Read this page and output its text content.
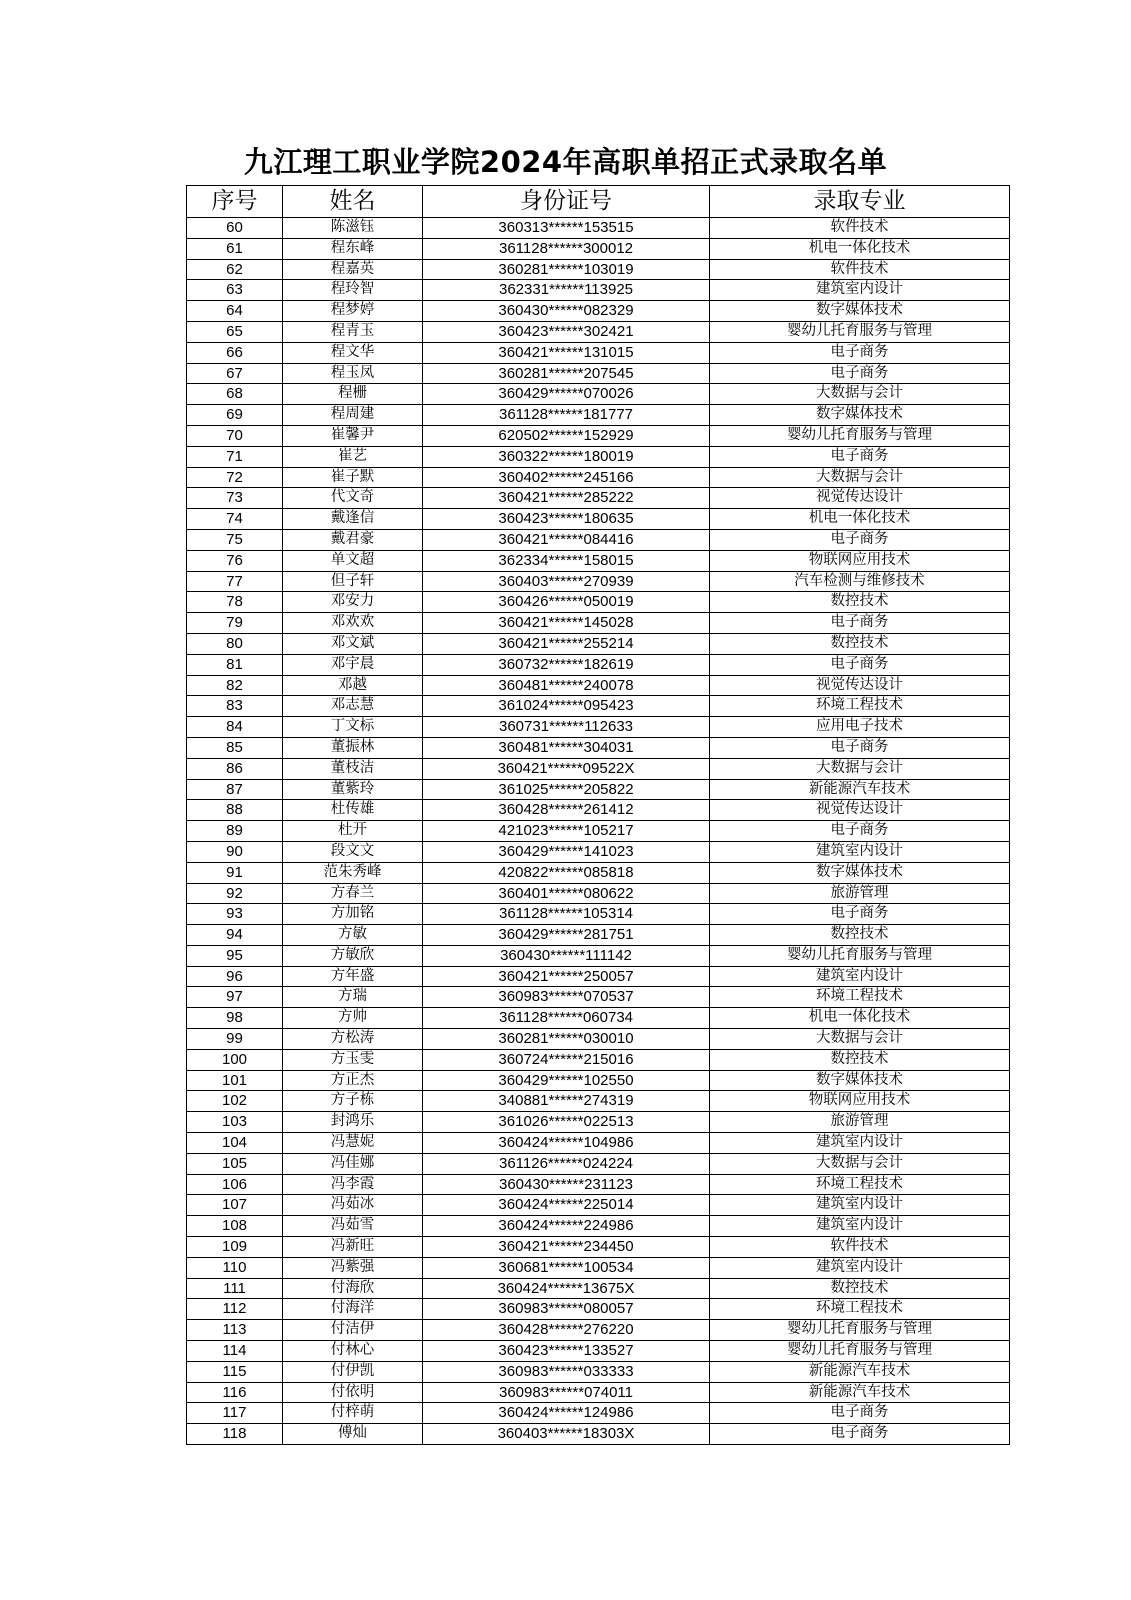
九江理工职业学院2024年高职单招正式录取名单
序号	姓名	身份证号	录取专业
60	陈滋钰	360313******153515	软件技术
61	程东峰	361128******300012	机电一体化技术
62	程嘉英	360281******103019	软件技术
63	程玲智	362331******113925	建筑室内设计
64	程梦婷	360430******082329	数字媒体技术
65	程青玉	360423******302421	婴幼儿托育服务与管理
66	程文华	360421******131015	电子商务
67	程玉凤	360281******207545	电子商务
68	程栅	360429******070026	大数据与会计
69	程周建	361128******181777	数字媒体技术
70	崔馨尹	620502******152929	婴幼儿托育服务与管理
71	崔艺	360322******180019	电子商务
72	崔子默	360402******245166	大数据与会计
73	代文奇	360421******285222	视觉传达设计
74	戴逢信	360423******180635	机电一体化技术
75	戴君豪	360421******084416	电子商务
76	单文超	362334******158015	物联网应用技术
77	但子轩	360403******270939	汽车检测与维修技术
78	邓安力	360426******050019	数控技术
79	邓欢欢	360421******145028	电子商务
80	邓文斌	360421******255214	数控技术
81	邓宇晨	360732******182619	电子商务
82	邓越	360481******240078	视觉传达设计
83	邓志慧	361024******095423	环境工程技术
84	丁文标	360731******112633	应用电子技术
85	董振林	360481******304031	电子商务
86	董枝洁	360421******09522X	大数据与会计
87	董紫玲	361025******205822	新能源汽车技术
88	杜传雄	360428******261412	视觉传达设计
89	杜开	421023******105217	电子商务
90	段文文	360429******141023	建筑室内设计
91	范朱秀峰	420822******085818	数字媒体技术
92	方春兰	360401******080622	旅游管理
93	方加铭	361128******105314	电子商务
94	方敏	360429******281751	数控技术
95	方敏欣	360430******111142	婴幼儿托育服务与管理
96	方年盛	360421******250057	建筑室内设计
97	方瑞	360983******070537	环境工程技术
98	方帅	361128******060734	机电一体化技术
99	方松涛	360281******030010	大数据与会计
100	方玉雯	360724******215016	数控技术
101	方正杰	360429******102550	数字媒体技术
102	方子栋	340881******274319	物联网应用技术
103	封鸿乐	361026******022513	旅游管理
104	冯慧妮	360424******104986	建筑室内设计
105	冯佳娜	361126******024224	大数据与会计
106	冯李霞	360430******231123	环境工程技术
107	冯茹冰	360424******225014	建筑室内设计
108	冯茹雪	360424******224986	建筑室内设计
109	冯新旺	360421******234450	软件技术
110	冯紫强	360681******100534	建筑室内设计
111	付海欣	360424******13675X	数控技术
112	付海洋	360983******080057	环境工程技术
113	付洁伊	360428******276220	婴幼儿托育服务与管理
114	付林心	360423******133527	婴幼儿托育服务与管理
115	付伊凯	360983******033333	新能源汽车技术
116	付依明	360983******074011	新能源汽车技术
117	付梓萌	360424******124986	电子商务
118	傅灿	360403******18303X	电子商务
